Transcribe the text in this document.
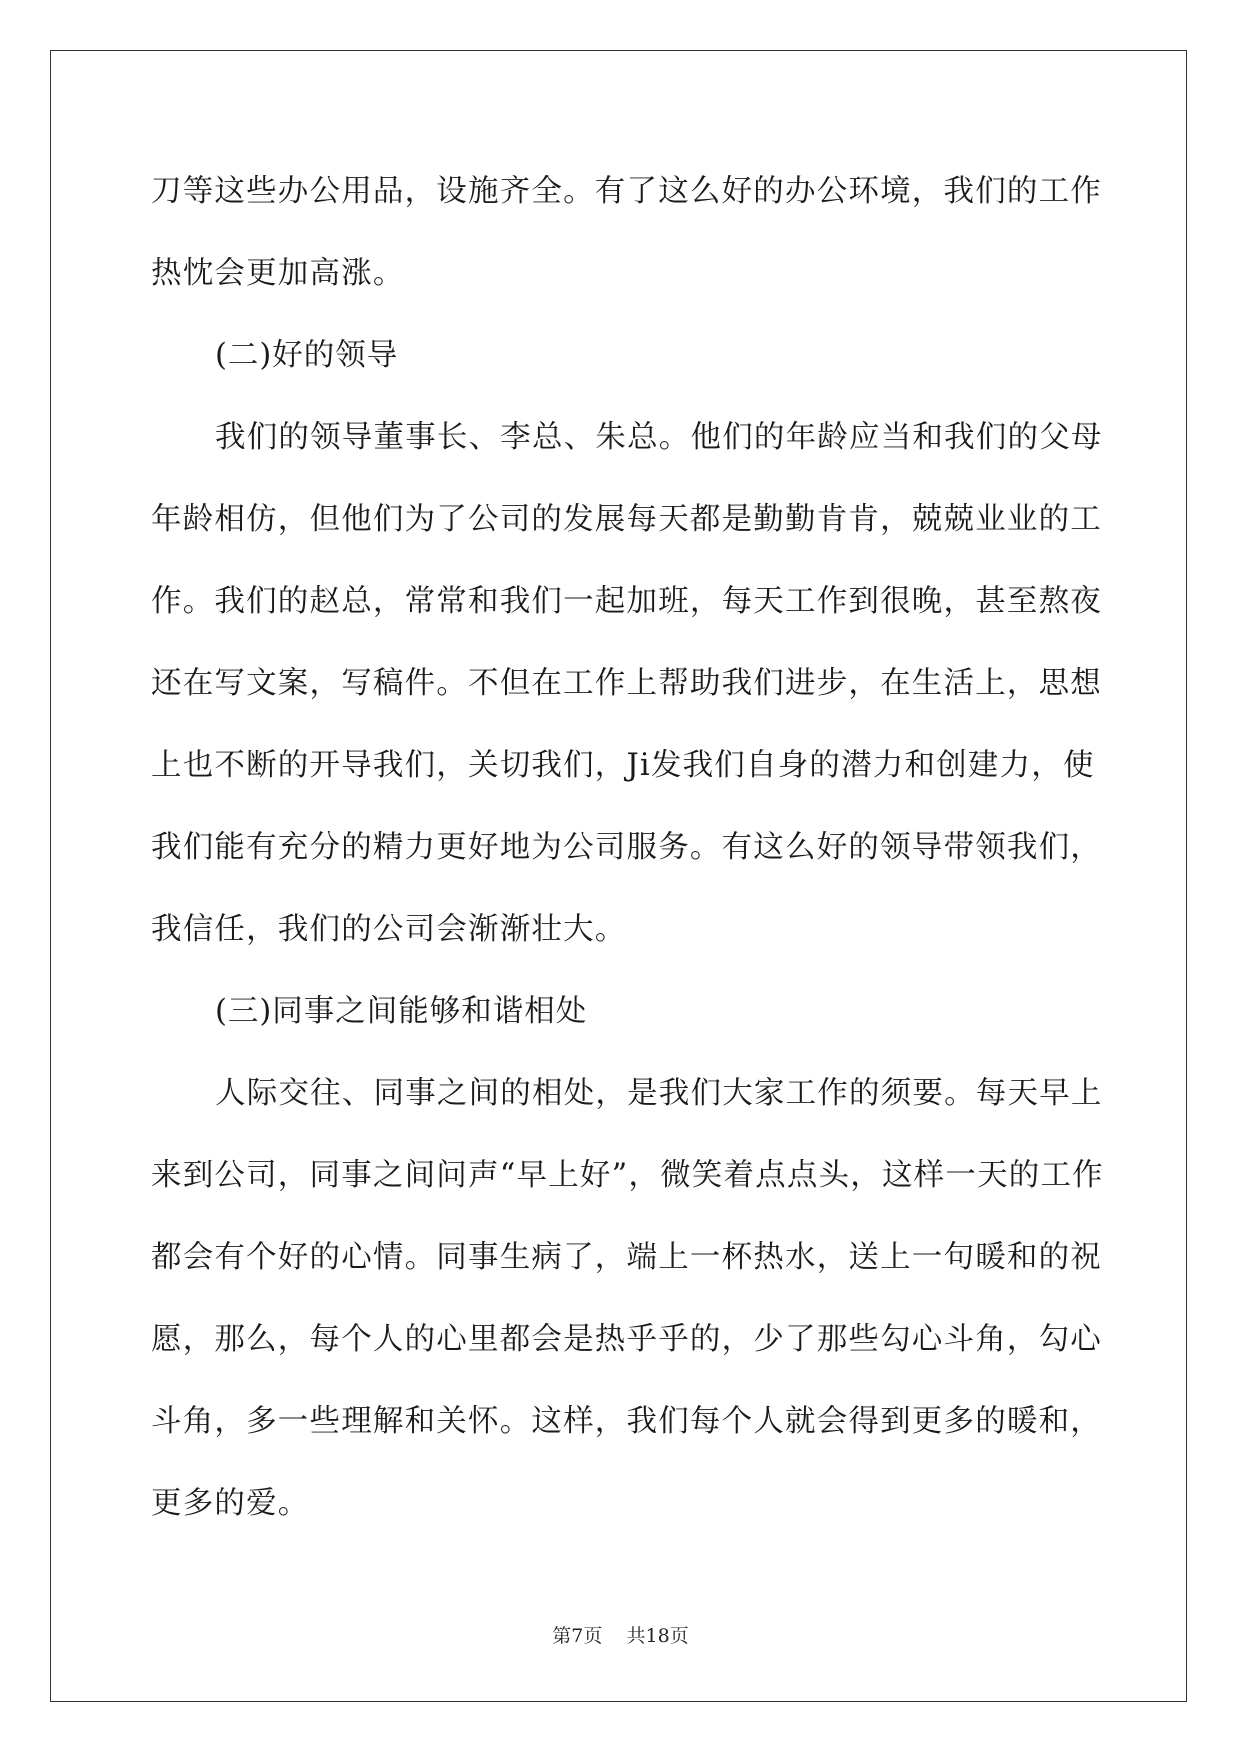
刀等这些办公用品，设施齐全。有了这么好的办公环境，我们的工作
热忱会更加高涨。
(二)好的领导
我们的领导董事长、李总、朱总。他们的年龄应当和我们的父母
年龄相仿，但他们为了公司的发展每天都是勤勤肯肯，兢兢业业的工
作。我们的赵总，常常和我们一起加班，每天工作到很晚，甚至熬夜
还在写文案，写稿件。不但在工作上帮助我们进步，在生活上，思想
上也不断的开导我们，关切我们，Ji发我们自身的潜力和创建力，使
我们能有充分的精力更好地为公司服务。有这么好的领导带领我们，
我信任，我们的公司会渐渐壮大。
(三)同事之间能够和谐相处
人际交往、同事之间的相处，是我们大家工作的须要。每天早上
来到公司，同事之间问声“早上好”，微笑着点点头，这样一天的工作
都会有个好的心情。同事生病了，端上一杯热水，送上一句暖和的祝
愿，那么，每个人的心里都会是热乎乎的，少了那些勾心斗角，勾心
斗角，多一些理解和关怀。这样，我们每个人就会得到更多的暖和，
更多的爱。
第7页    共18页
